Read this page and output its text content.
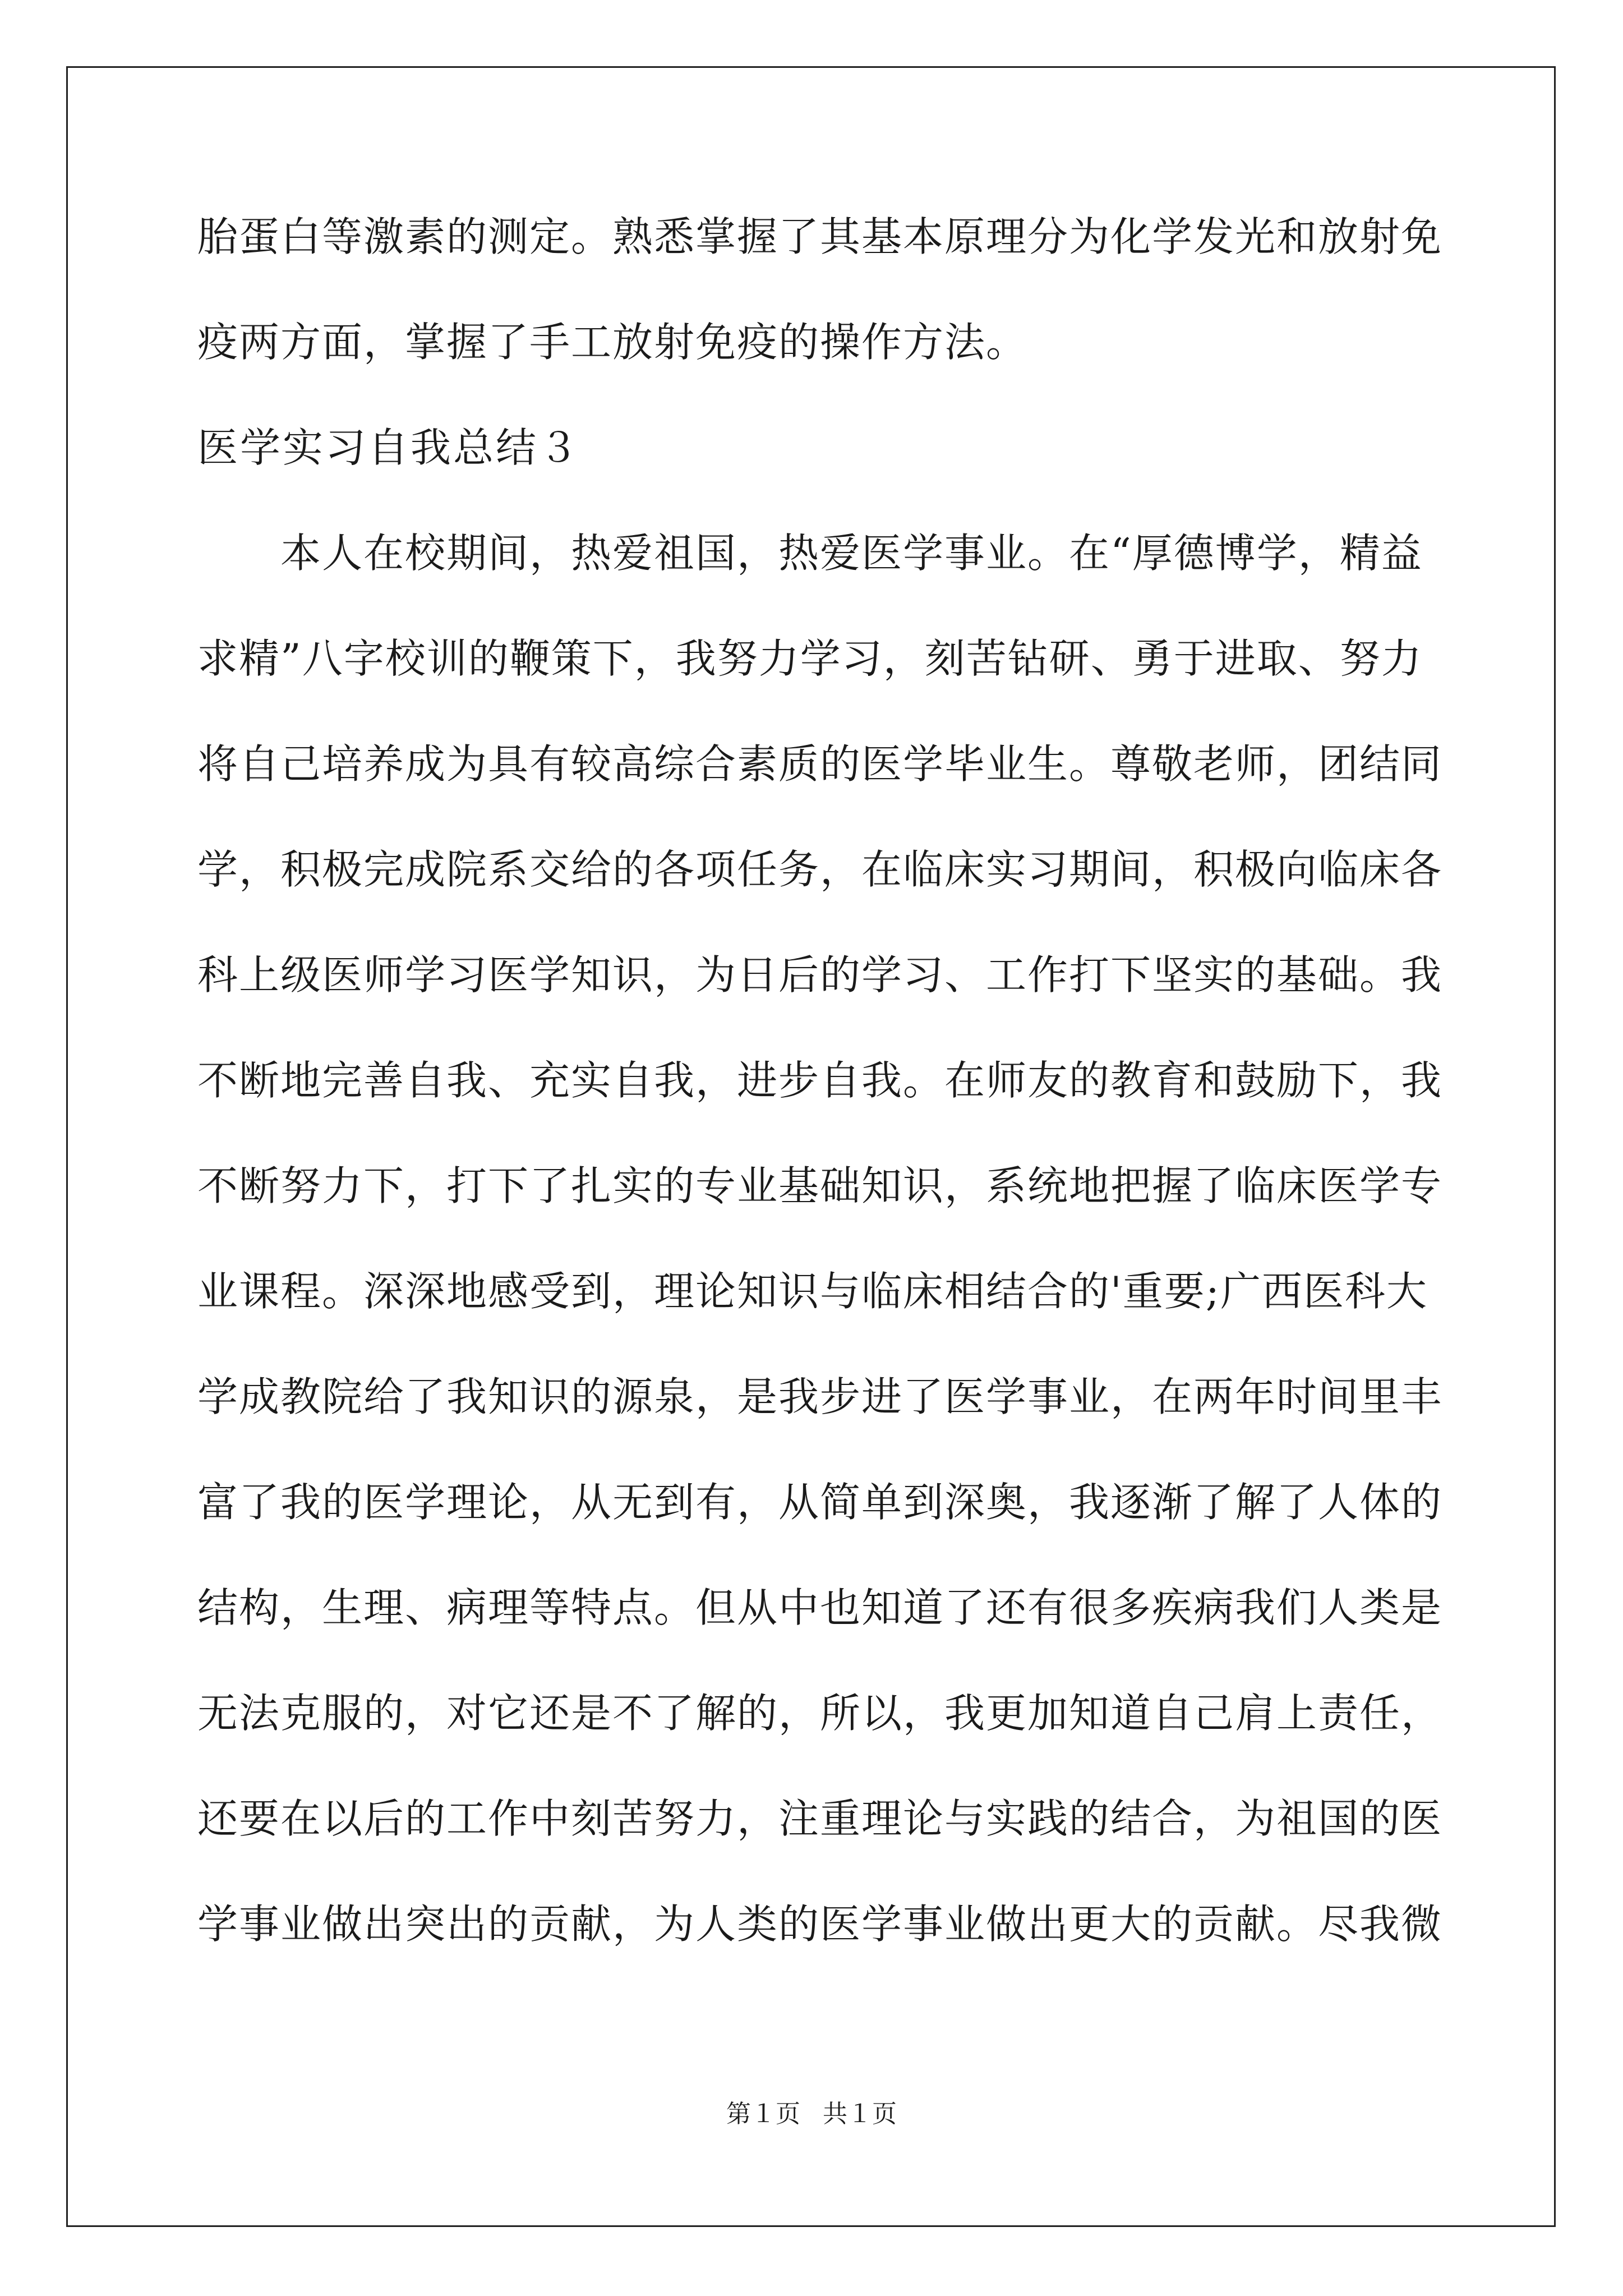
胎蛋白等激素的测定。熟悉掌握了其基本原理分为化学发光和放射免
疫两方面，掌握了手工放射免疫的操作方法。
医学实习自我总结３
本人在校期间，热爱祖国，热爱医学事业。在“厚德博学，精益
求精”八字校训的鞭策下，我努力学习，刻苦钻研、勇于进取、努力
将自己培养成为具有较高综合素质的医学毕业生。尊敬老师，团结同
学，积极完成院系交给的各项任务，在临床实习期间，积极向临床各
科上级医师学习医学知识，为日后的学习、工作打下坚实的基础。我
不断地完善自我、充实自我，进步自我。在师友的教育和鼓励下，我
不断努力下，打下了扎实的专业基础知识，系统地把握了临床医学专
业课程。深深地感受到，理论知识与临床相结合的'重要;广西医科大
学成教院给了我知识的源泉，是我步进了医学事业，在两年时间里丰
富了我的医学理论，从无到有，从简单到深奥，我逐渐了解了人体的
结构，生理、病理等特点。但从中也知道了还有很多疾病我们人类是
无法克服的，对它还是不了解的，所以，我更加知道自己肩上责任，
还要在以后的工作中刻苦努力，注重理论与实践的结合，为祖国的医
学事业做出突出的贡献，为人类的医学事业做出更大的贡献。尽我微
第１页 共１页
